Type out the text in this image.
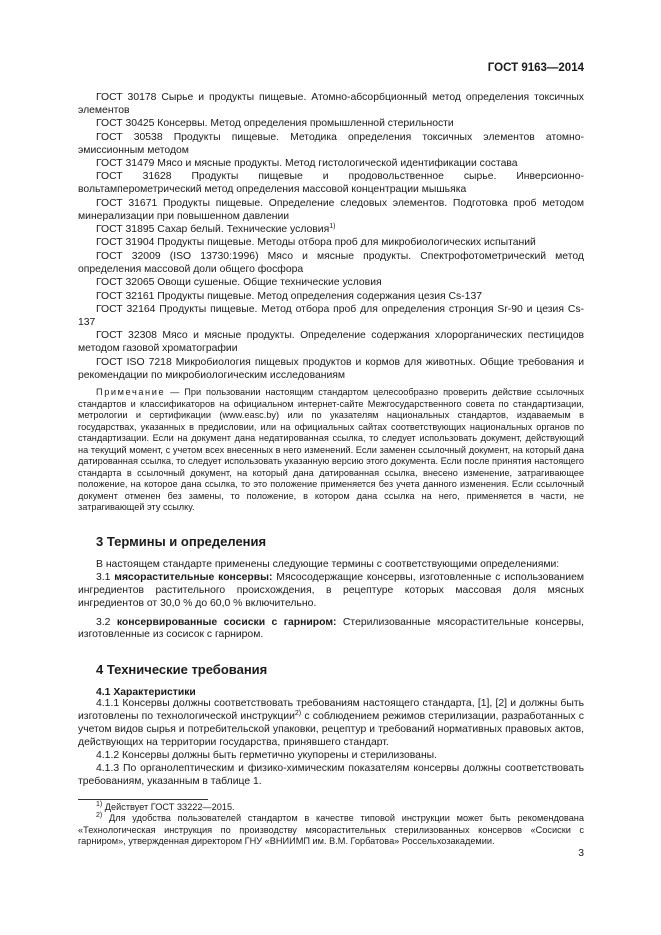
ГОСТ 9163—2014

ГОСТ 30178 Сырье и продукты пищевые. Атомно-абсорбционный метод определения токсичных элементов

ГОСТ 30425 Консервы. Метод определения промышленной стерильности

ГОСТ 30538 Продукты пищевые. Методика определения токсичных элементов атомно-эмиссионным методом

ГОСТ 31479 Мясо и мясные продукты. Метод гистологической идентификации состава

ГОСТ 31628 Продукты пищевые и продовольственное сырье. Инверсионно-вольтамперометрический метод определения массовой концентрации мышьяка

ГОСТ 31671 Продукты пищевые. Определение следовых элементов. Подготовка проб методом минерализации при повышенном давлении

ГОСТ 31895 Сахар белый. Технические условия$^{1)}$

ГОСТ 31904 Продукты пищевые. Методы отбора проб для микробиологических испытаний

ГОСТ 32009 (ISO 13730:1996) Мясо и мясные продукты. Спектрофотометрический метод определения массовой доли общего фосфора

ГОСТ 32065 Овощи сушеные. Общие технические условия

ГОСТ 32161 Продукты пищевые. Метод определения содержания цезия Cs-137

ГОСТ 32164 Продукты пищевые. Метод отбора проб для определения стронция Sr-90 и цезия Cs-137

ГОСТ 32308 Мясо и мясные продукты. Определение содержания хлорорганических пестицидов методом газовой хроматографии

ГОСТ ISO 7218 Микробиология пищевых продуктов и кормов для животных. Общие требования и рекомендации по микробиологическим исследованиям

Примечание — При пользовании настоящим стандартом целесообразно проверить действие ссылочных стандартов и классификаторов на официальном интернет-сайте Межгосударственного совета по стандартизации, метрологии и сертификации (www.easc.by) или по указателям национальных стандартов, издаваемым в государствах, указанных в предисловии, или на официальных сайтах соответствующих национальных органов по стандартизации. Если на документ дана недатированная ссылка, то следует использовать документ, действующий на текущий момент, с учетом всех внесенных в него изменений. Если заменен ссылочный документ, на который дана датированная ссылка, то следует использовать указанную версию этого документа. Если после принятия настоящего стандарта в ссылочный документ, на который дана датированная ссылка, внесено изменение, затрагивающее положение, на которое дана ссылка, то это положение применяется без учета данного изменения. Если ссылочный документ отменен без замены, то положение, в котором дана ссылка на него, применяется в части, не затрагивающей эту ссылку.

3 Термины и определения

В настоящем стандарте применены следующие термины с соответствующими определениями:

3.1 мясорастительные консервы: Мясосодержащие консервы, изготовленные с использованием ингредиентов растительного происхождения, в рецептуре которых массовая доля мясных ингредиентов от 30,0 % до 60,0 % включительно.

3.2 консервированные сосиски с гарниром: Стерилизованные мясорастительные консервы, изготовленные из сосисок с гарниром.

4 Технические требования
4.1 Характеристики

4.1.1 Консервы должны соответствовать требованиям настоящего стандарта, [1], [2] и должны быть изготовлены по технологической инструкции$^{2)}$ с соблюдением режимов стерилизации, разработанных с учетом видов сырья и потребительской упаковки, рецептур и требований нормативных правовых актов, действующих на территории государства, принявшего стандарт.

4.1.2 Консервы должны быть герметично укупорены и стерилизованы.

4.1.3 По органолептическим и физико-химическим показателям консервы должны соответствовать требованиям, указанным в таблице 1.

$^{1)}$ Действует ГОСТ 33222—2015.

$^{2)}$ Для удобства пользователей стандартом в качестве типовой инструкции может быть рекомендована «Технологическая инструкция по производству мясорастительных стерилизованных консервов «Сосиски с гарниром», утвержденная директором ГНУ «ВНИИМП им. В.М. Горбатова» Россельхозакадемии.

3
